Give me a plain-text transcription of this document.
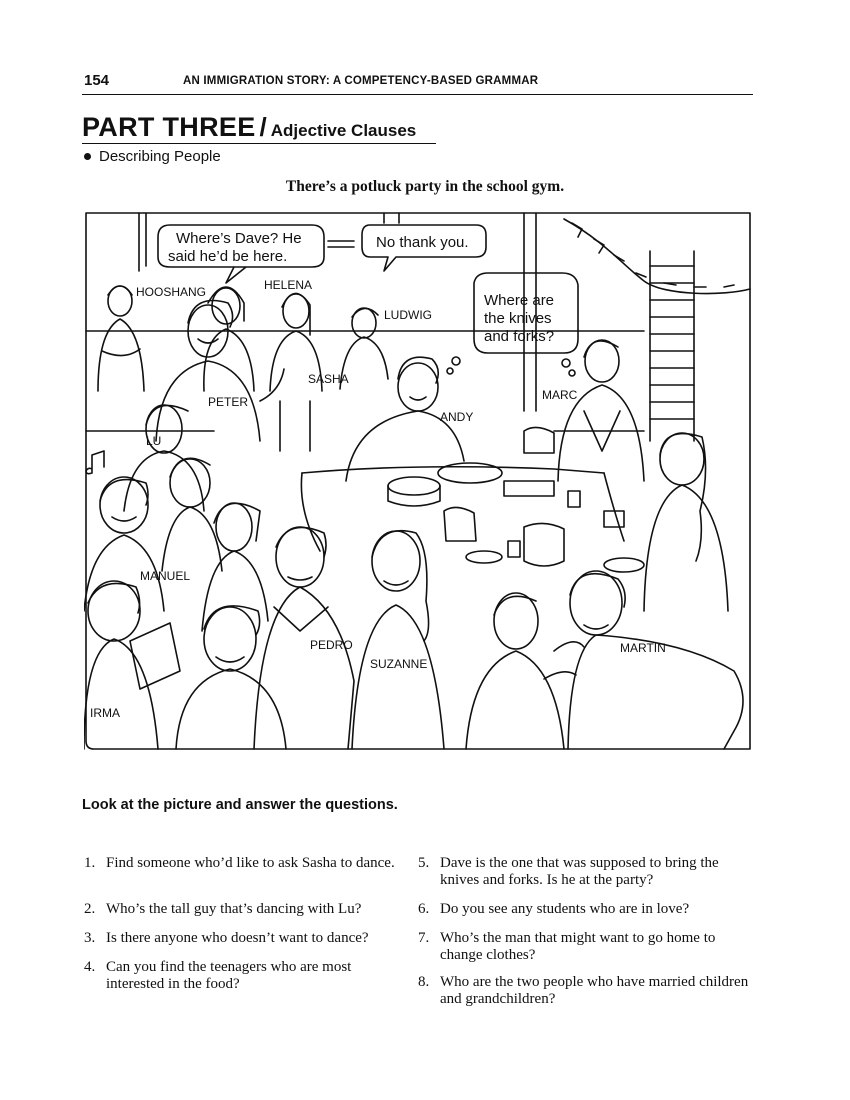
154	AN IMMIGRATION STORY: A COMPETENCY-BASED GRAMMAR
PART THREE / Adjective Clauses
Describing People
There’s a potluck party in the school gym.
Where’s Dave? He
said he’d be here.
No thank you.
Where are
the knives
and forks?
HOOSHANG	HELENA
LUDWIG
SASHA
PETER
ANDY
MARC
LU
MANUEL
PEDRO
SUZANNE
MARTIN
IRMA
Look at the picture and answer the questions.
1. Find someone who’d like to ask Sasha to dance.
2. Who’s the tall guy that’s dancing with Lu?
3. Is there anyone who doesn’t want to dance?
4. Can you find the teenagers who are most interested in the food?
5. Dave is the one that was supposed to bring the knives and forks. Is he at the party?
6. Do you see any students who are in love?
7. Who’s the man that might want to go home to change clothes?
8. Who are the two people who have married children and grandchildren?
